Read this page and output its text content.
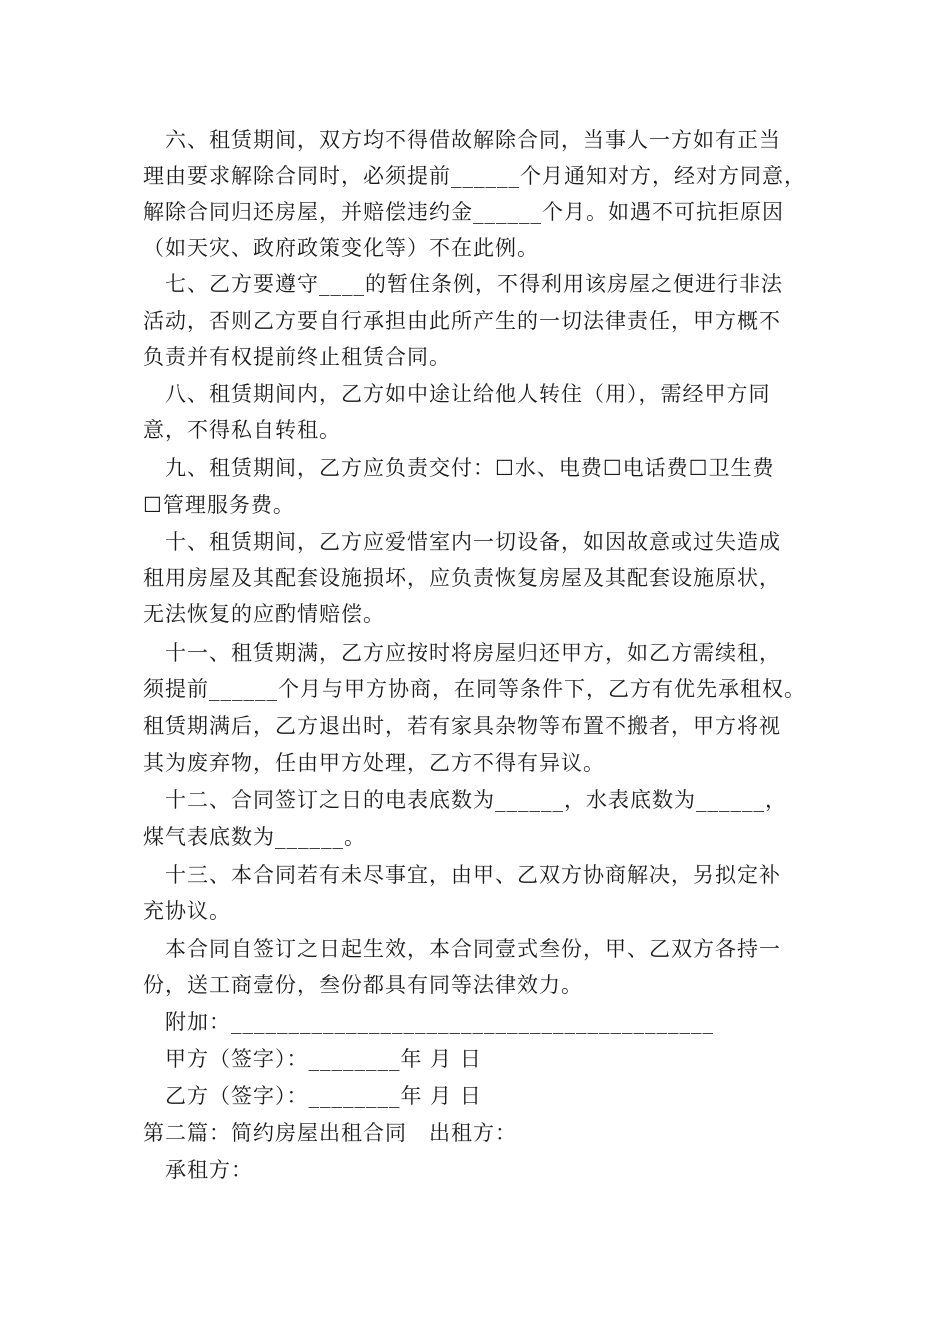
六、租赁期间，双方均不得借故解除合同，当事人一方如有正当
理由要求解除合同时，必须提前______个月通知对方，经对方同意，
解除合同归还房屋，并赔偿违约金______个月。如遇不可抗拒原因
（如天灾、政府政策变化等）不在此例。
七、乙方要遵守____的暂住条例，不得利用该房屋之便进行非法
活动，否则乙方要自行承担由此所产生的一切法律责任，甲方概不
负责并有权提前终止租赁合同。
八、租赁期间内，乙方如中途让给他人转住（用），需经甲方同
意，不得私自转租。
九、租赁期间，乙方应负责交付：☐水、电费☐电话费☐卫生费
☐管理服务费。
十、租赁期间，乙方应爱惜室内一切设备，如因故意或过失造成
租用房屋及其配套设施损坏，应负责恢复房屋及其配套设施原状，
无法恢复的应酌情赔偿。
十一、租赁期满，乙方应按时将房屋归还甲方，如乙方需续租，
须提前______个月与甲方协商，在同等条件下，乙方有优先承租权。
租赁期满后，乙方退出时，若有家具杂物等布置不搬者，甲方将视
其为废弃物，任由甲方处理，乙方不得有异议。
十二、合同签订之日的电表底数为______，水表底数为______，
煤气表底数为______。
十三、本合同若有未尽事宜，由甲、乙双方协商解决，另拟定补
充协议。
本合同自签订之日起生效，本合同壹式叁份，甲、乙双方各持一
份，送工商壹份，叁份都具有同等法律效力。
附加：__________________________________________
甲方（签字）：________年 月 日
乙方（签字）：________年 月 日
第二篇：简约房屋出租合同　出租方：
承租方：
